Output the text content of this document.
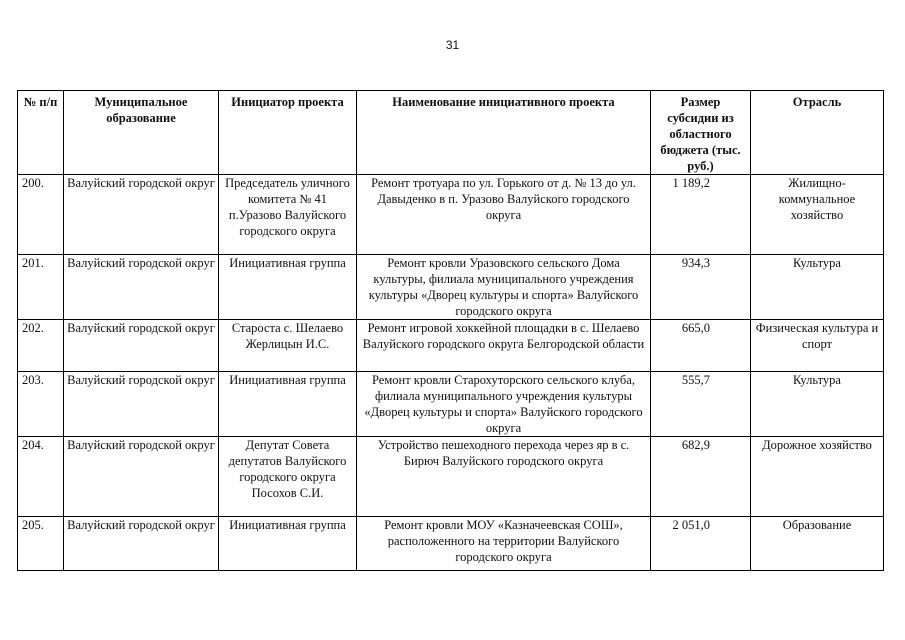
31
№ п/п	Муниципальное образование	Инициатор проекта	Наименование инициативного проекта	Размер субсидии из областного бюджета (тыс. руб.)	Отрасль
200.	Валуйский городской округ	Председатель уличного комитета № 41 п.Уразово Валуйского городского округа	Ремонт тротуара по ул. Горького от д. № 13 до ул. Давыденко в п. Уразово Валуйского городского округа	1 189,2	Жилищно-коммунальное хозяйство
201.	Валуйский городской округ	Инициативная группа	Ремонт кровли Уразовского сельского Дома культуры, филиала муниципального учреждения культуры «Дворец культуры и спорта» Валуйского городского округа	934,3	Культура
202.	Валуйский городской округ	Староста с. Шелаево Жерлицын И.С.	Ремонт игровой хоккейной площадки в с. Шелаево Валуйского городского округа Белгородской области	665,0	Физическая культура и спорт
203.	Валуйский городской округ	Инициативная группа	Ремонт кровли Старохуторского сельского клуба, филиала муниципального учреждения культуры «Дворец культуры и спорта» Валуйского городского округа	555,7	Культура
204.	Валуйский городской округ	Депутат Совета депутатов Валуйского городского округа Посохов С.И.	Устройство пешеходного перехода через яр в с. Бирюч Валуйского городского округа	682,9	Дорожное хозяйство
205.	Валуйский городской округ	Инициативная группа	Ремонт кровли МОУ «Казначеевская СОШ», расположенного на территории Валуйского городского округа	2 051,0	Образование
